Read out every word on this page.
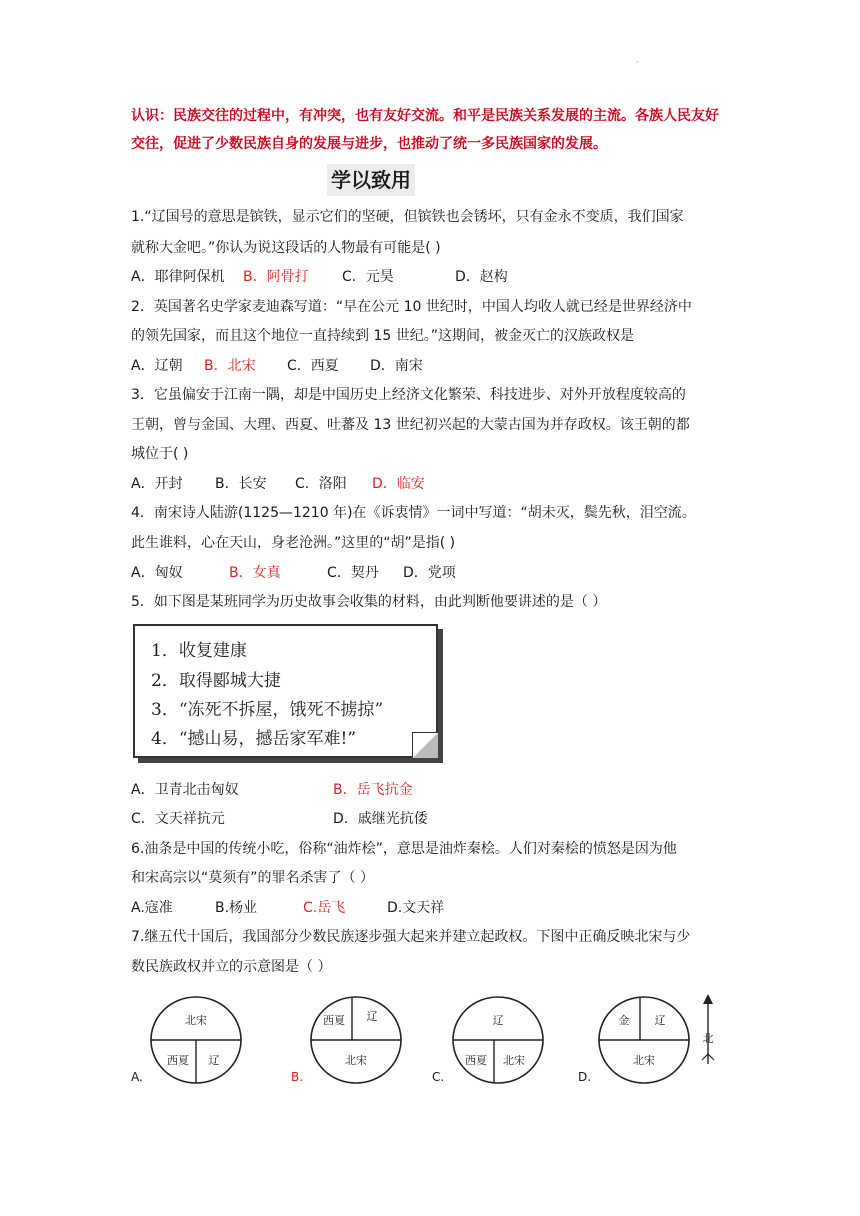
·
认识：民族交往的过程中，有冲突，也有友好交流。和平是民族关系发展的主流。各族人民友好交往，促进了少数民族自身的发展与进步，也推动了统一多民族国家的发展。
学以致用
1.“辽国号的意思是镔铁，显示它们的坚硬，但镔铁也会锈坏，只有金永不变质，我们国家
就称大金吧。”你认为说这段话的人物最有可能是( )
A．耶律阿保机 B．阿骨打 C．元昊	D．赵构
2．英国著名史学家麦迪森写道：“早在公元 10 世纪时，中国人均收人就已经是世界经济中
的领先国家，而且这个地位一直持续到 15 世纪。”这期间，被金灭亡的汉族政权是
A．辽朝 B．北宋 C．西夏 D．南宋
3．它虽偏安于江南一隅，却是中国历史上经济文化繁荣、科技进步、对外开放程度较高的
王朝，曾与金国、大理、西夏、吐蕃及 13 世纪初兴起的大蒙古国为并存政权。该王朝的都
城位于( )
A．开封 B．长安 C．洛阳 D．临安
4．南宋诗人陆游(1125—1210 年)在《诉衷情》一词中写道：“胡未灭，鬓先秋，泪空流。
此生谁料，心在天山，身老沧洲。”这里的“胡”是指( )
A．匈奴	B．女真	C．契丹 D．党项
5．如下图是某班同学为历史故事会收集的材料，由此判断他要讲述的是（ ）
1．收复建康
2．取得郾城大捷
3．“冻死不拆屋，饿死不掳掠”
4．“撼山易，撼岳家军难!”
A．卫青北击匈奴	B．岳飞抗金
C．文天祥抗元	D．戚继光抗倭
6.油条是中国的传统小吃，俗称“油炸桧”，意思是油炸秦桧。人们对秦桧的愤怒是因为他
和宋高宗以“莫须有”的罪名杀害了（ ）
A.寇准	B.杨业	C.岳飞	D.文天祥
7.继五代十国后，我国部分少数民族逐步强大起来并建立起政权。下图中正确反映北宋与少
数民族政权并立的示意图是（ ）
北宋
西夏 辽
西夏 辽
北宋
辽
西夏 北宋
金 辽
北宋
北
A.	B.	C.	D.
